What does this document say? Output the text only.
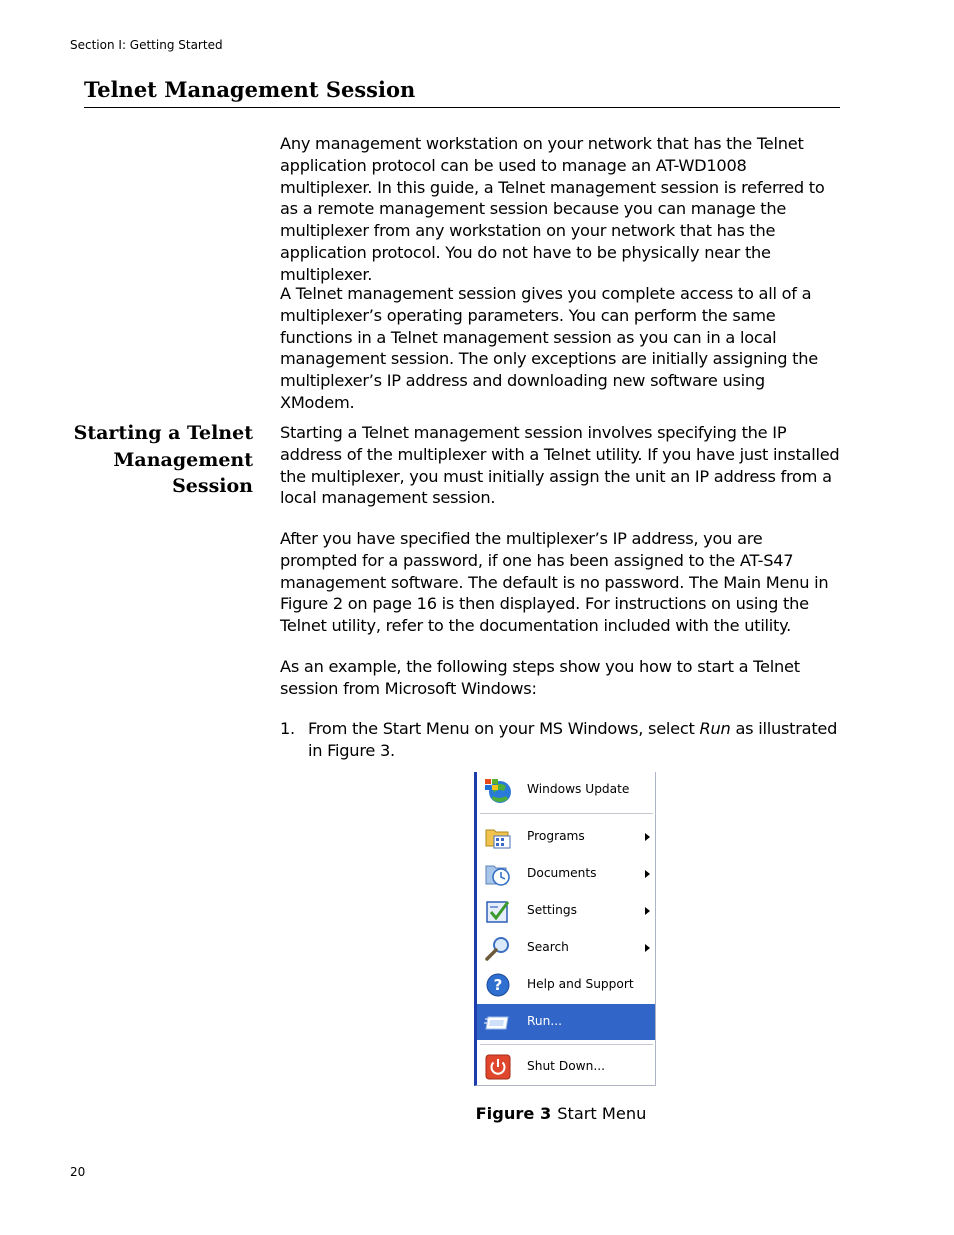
Section I: Getting Started
Telnet Management Session

Any management workstation on your network that has the Telnet application protocol can be used to manage an AT-WD1008 multiplexer. In this guide, a Telnet management session is referred to as a remote management session because you can manage the multiplexer from any workstation on your network that has the application protocol. You do not have to be physically near the multiplexer.

A Telnet management session gives you complete access to all of a multiplexer’s operating parameters. You can perform the same functions in a Telnet management session as you can in a local management session. The only exceptions are initially assigning the multiplexer’s IP address and downloading new software using XModem.

Starting a Telnet
Management
Session

Starting a Telnet management session involves specifying the IP address of the multiplexer with a Telnet utility. If you have just installed the multiplexer, you must initially assign the unit an IP address from a local management session.

After you have specified the multiplexer’s IP address, you are prompted for a password, if one has been assigned to the AT-S47 management software. The default is no password. The Main Menu in Figure 2 on page 16 is then displayed. For instructions on using the Telnet utility, refer to the documentation included with the utility.

As an example, the following steps show you how to start a Telnet session from Microsoft Windows:

1. From the Start Menu on your MS Windows, select Run as illustrated in Figure 3.
Windows Update
Programs
Documents
Settings
Search
? Help and Support
Run...
Shut Down...
Figure 3 Start Menu
20
